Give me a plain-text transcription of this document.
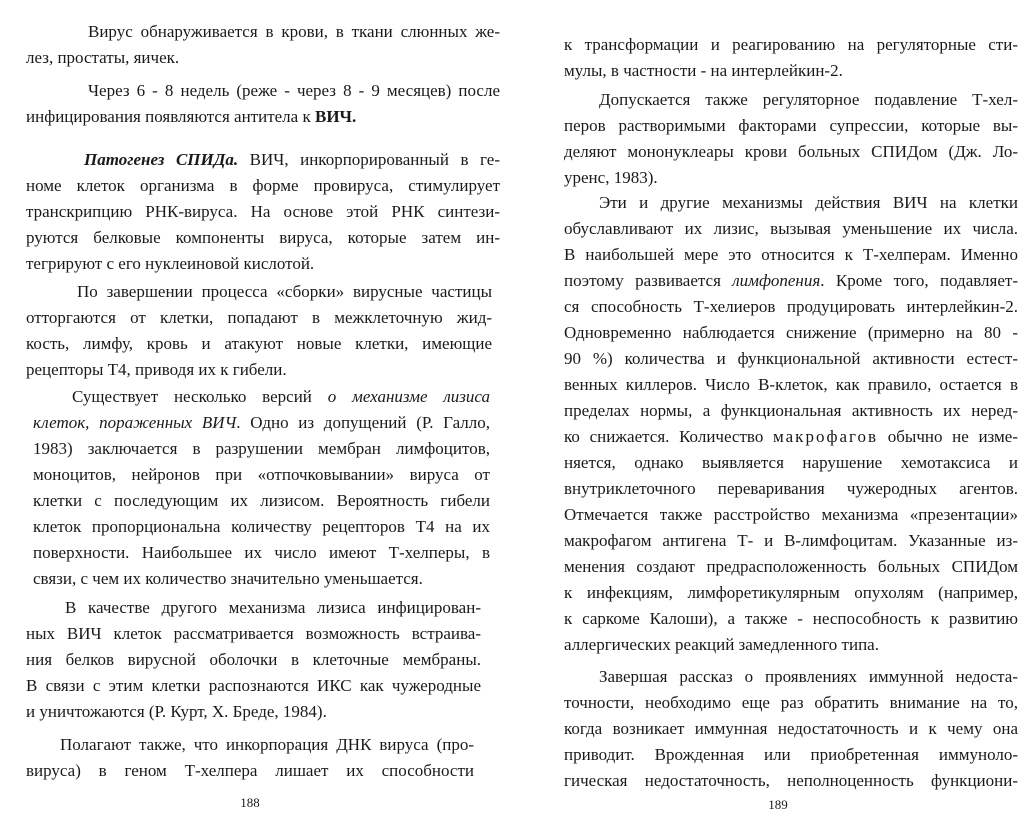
Вирус обнаруживается в крови, в ткани слюнных же-
лез, простаты, яичек.
Через 6 - 8 недель (реже - через 8 - 9 месяцев) после
инфицирования появляются антитела к ВИЧ.
Патогенез СПИДа. ВИЧ, инкорпорированный в ге-
номе клеток организма в форме провируса, стимулирует
транскрипцию РНК-вируса. На основе этой РНК синтези-
руются белковые компоненты вируса, которые затем ин-
тегрируют с его нуклеиновой кислотой.
По завершении процесса «сборки» вирусные частицы
отторгаются от клетки, попадают в межклеточную жид-
кость, лимфу, кровь и атакуют новые клетки, имеющие
рецепторы Т4, приводя их к гибели.
Существует несколько версий о механизме лизиса
клеток, пораженных ВИЧ. Одно из допущений (Р. Галло,
1983) заключается в разрушении мембран лимфоцитов,
моноцитов, нейронов при «отпочковывании» вируса от
клетки с последующим их лизисом. Вероятность гибели
клеток пропорциональна количеству рецепторов Т4 на их
поверхности. Наибольшее их число имеют Т-хелперы, в
связи, с чем их количество значительно уменьшается.
В качестве другого механизма лизиса инфицирован-
ных ВИЧ клеток рассматривается возможность встраива-
ния белков вирусной оболочки в клеточные мембраны.
В связи с этим клетки распознаются ИКС как чужеродные
и уничтожаются (Р. Курт, Х. Бреде, 1984).
Полагают также, что инкорпорация ДНК вируса (про-
вируса) в геном Т-хелпера лишает их способности
188
к трансформации и реагированию на регуляторные сти-
мулы, в частности - на интерлейкин-2.
Допускается также регуляторное подавление Т-хел-
перов растворимыми факторами супрессии, которые вы-
деляют мононуклеары крови больных СПИДом (Дж. Ло-
уренс, 1983).
Эти и другие механизмы действия ВИЧ на клетки
обуславливают их лизис, вызывая уменьшение их числа.
В наибольшей мере это относится к Т-хелперам. Именно
поэтому развивается лимфопения. Кроме того, подавляет-
ся способность Т-хелиеров продуцировать интерлейкин-2.
Одновременно наблюдается снижение (примерно на 80 -
90 %) количества и функциональной активности естест-
венных киллеров. Число В-клеток, как правило, остается в
пределах нормы, а функциональная активность их неред-
ко снижается. Количество макрофагов обычно не изме-
няется, однако выявляется нарушение хемотаксиса и
внутриклеточного переваривания чужеродных агентов.
Отмечается также расстройство механизма «презентации»
макрофагом антигена Т- и В-лимфоцитам. Указанные из-
менения создают предрасположенность больных СПИДом
к инфекциям, лимфоретикулярным опухолям (например,
к саркоме Калоши), а также - неспособность к развитию
аллергических реакций замедленного типа.
Завершая рассказ о проявлениях иммунной недоста-
точности, необходимо еще раз обратить внимание на то,
когда возникает иммунная недостаточность и к чему она
приводит. Врожденная или приобретенная иммуноло-
гическая недостаточность, неполноценность функциони-
189
